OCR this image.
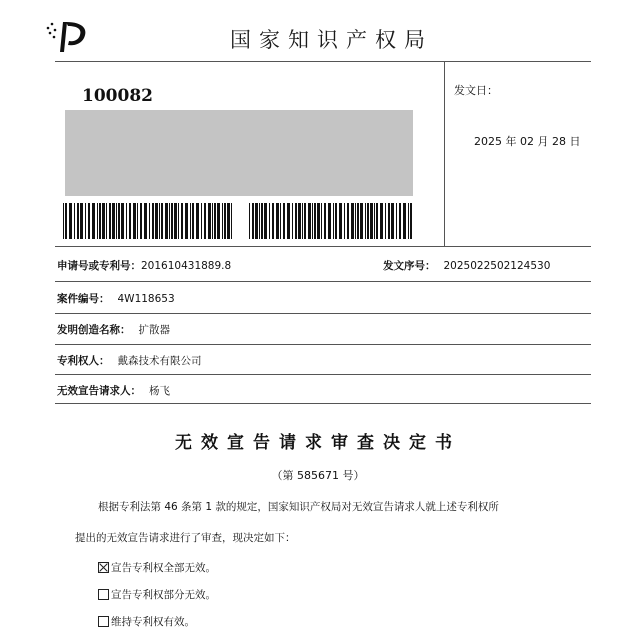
国家知识产权局
100082	发文日：
2025 年 02 月 28 日
申请号或专利号：201610431889.8	发文序号： 2025022502124530
案件编号： 4W118653
发明创造名称： 扩散器
专利权人： 戴森技术有限公司
无效宣告请求人： 杨飞
无效宣告请求审查决定书
（第 585671 号）
根据专利法第 46 条第 1 款的规定，国家知识产权局对无效宣告请求人就上述专利权所
提出的无效宣告请求进行了审查，现决定如下：
宣告专利权全部无效。
宣告专利权部分无效。
维持专利权有效。
